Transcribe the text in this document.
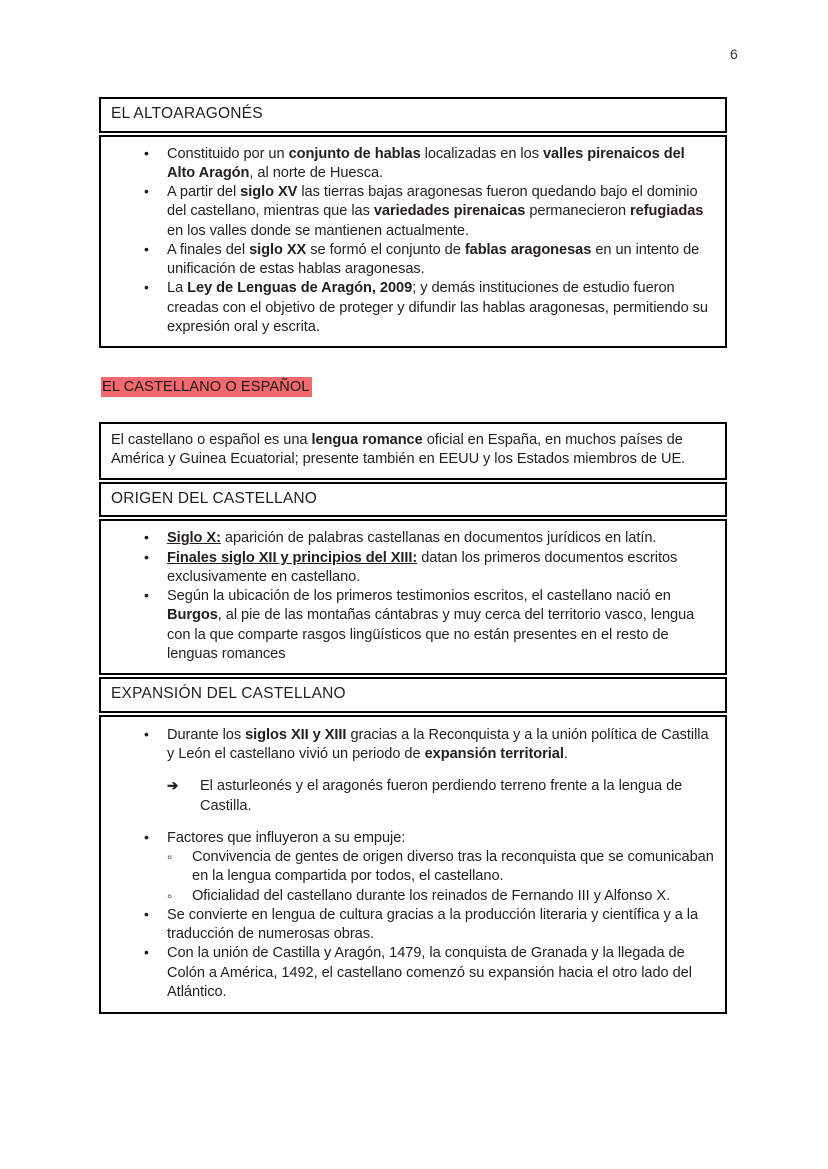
6
EL ALTOARAGONÉS
• Constituido por un conjunto de hablas localizadas en los valles pirenaicos del Alto Aragón, al norte de Huesca.
• A partir del siglo XV las tierras bajas aragonesas fueron quedando bajo el dominio del castellano, mientras que las variedades pirenaicas permanecieron refugiadas en los valles donde se mantienen actualmente.
• A finales del siglo XX se formó el conjunto de fablas aragonesas en un intento de unificación de estas hablas aragonesas.
• La Ley de Lenguas de Aragón, 2009; y demás instituciones de estudio fueron creadas con el objetivo de proteger y difundir las hablas aragonesas, permitiendo su expresión oral y escrita.
EL CASTELLANO O ESPAÑOL

El castellano o español es una lengua romance oficial en España, en muchos países de América y Guinea Ecuatorial; presente también en EEUU y los Estados miembros de UE.

ORIGEN DEL CASTELLANO
• Siglo X: aparición de palabras castellanas en documentos jurídicos en latín.
• Finales siglo XII y principios del XIII: datan los primeros documentos escritos exclusivamente en castellano.
• Según la ubicación de los primeros testimonios escritos, el castellano nació en Burgos, al pie de las montañas cántabras y muy cerca del territorio vasco, lengua con la que comparte rasgos lingüísticos que no están presentes en el resto de lenguas romances
EXPANSIÓN DEL CASTELLANO
• Durante los siglos XII y XIII gracias a la Reconquista y a la unión política de Castilla y León el castellano vivió un periodo de expansión territorial.
➔ El asturleonés y el aragonés fueron perdiendo terreno frente a la lengua de Castilla.
• Factores que influyeron a su empuje:
◦ Convivencia de gentes de origen diverso tras la reconquista que se comunicaban en la lengua compartida por todos, el castellano.
◦ Oficialidad del castellano durante los reinados de Fernando III y Alfonso X.
• Se convierte en lengua de cultura gracias a la producción literaria y científica y a la traducción de numerosas obras.
• Con la unión de Castilla y Aragón, 1479, la conquista de Granada y la llegada de Colón a América, 1492, el castellano comenzó su expansión hacia el otro lado del Atlántico.
